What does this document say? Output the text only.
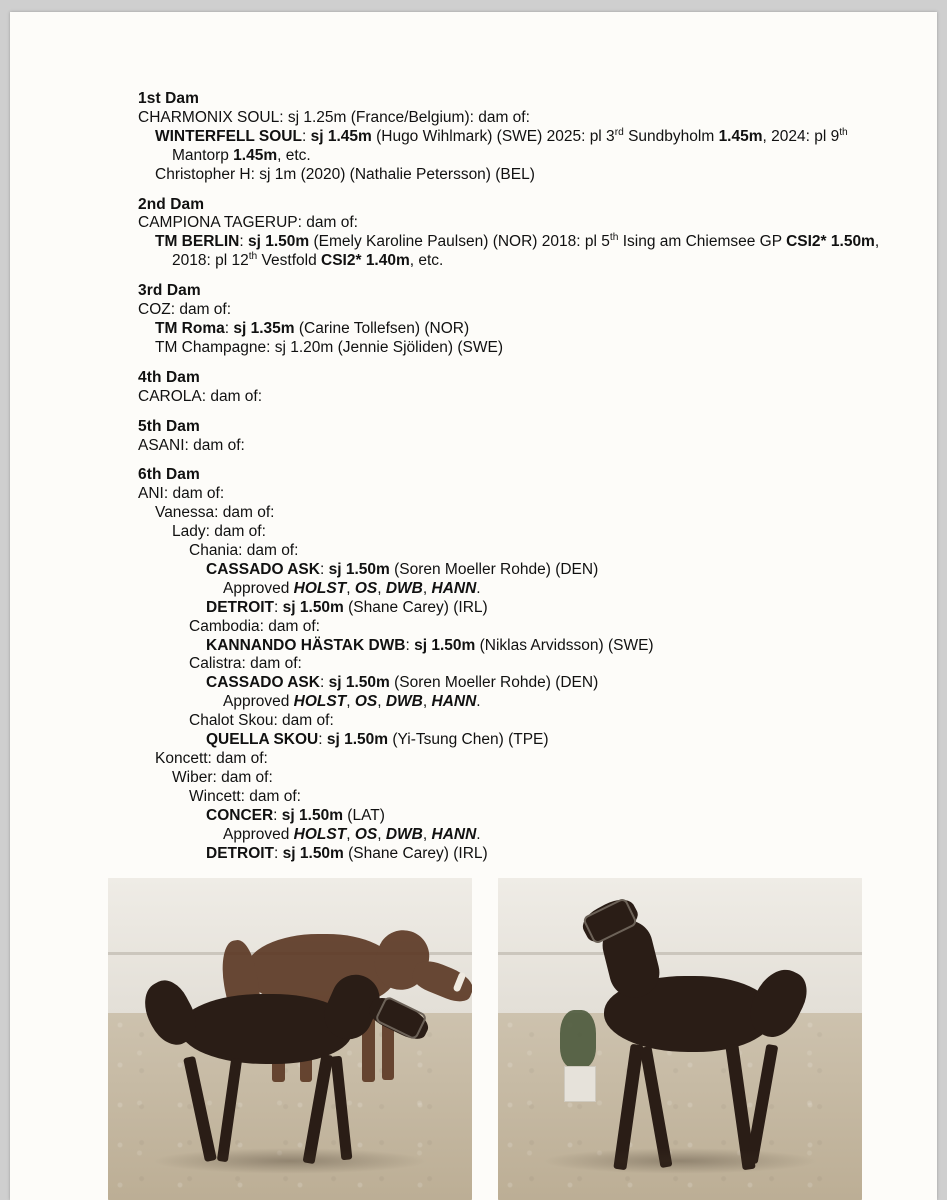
1st Dam
CHARMONIX SOUL: sj 1.25m (France/Belgium): dam of:
WINTERFELL SOUL: sj 1.45m (Hugo Wihlmark) (SWE) 2025: pl 3rd Sundbyholm 1.45m, 2024: pl 9th Mantorp 1.45m, etc.
Christopher H: sj 1m (2020) (Nathalie Petersson) (BEL)
2nd Dam
CAMPIONA TAGERUP: dam of:
TM BERLIN: sj 1.50m (Emely Karoline Paulsen) (NOR) 2018: pl 5th Ising am Chiemsee GP CSI2* 1.50m, 2018: pl 12th Vestfold CSI2* 1.40m, etc.
3rd Dam
COZ: dam of:
TM Roma: sj 1.35m (Carine Tollefsen) (NOR)
TM Champagne: sj 1.20m (Jennie Sjöliden) (SWE)
4th Dam
CAROLA: dam of:
5th Dam
ASANI: dam of:
6th Dam
ANI: dam of:
Vanessa: dam of:
Lady: dam of:
Chania: dam of:
CASSADO ASK: sj 1.50m (Soren Moeller Rohde) (DEN)
Approved HOLST, OS, DWB, HANN.
DETROIT: sj 1.50m (Shane Carey) (IRL)
Cambodia: dam of:
KANNANDO HÄSTAK DWB: sj 1.50m (Niklas Arvidsson) (SWE)
Calistra: dam of:
CASSADO ASK: sj 1.50m (Soren Moeller Rohde) (DEN)
Approved HOLST, OS, DWB, HANN.
Chalot Skou: dam of:
QUELLA SKOU: sj 1.50m (Yi-Tsung Chen) (TPE)
Koncett: dam of:
Wiber: dam of:
Wincett: dam of:
CONCER: sj 1.50m (LAT)
Approved HOLST, OS, DWB, HANN.
DETROIT: sj 1.50m (Shane Carey) (IRL)
